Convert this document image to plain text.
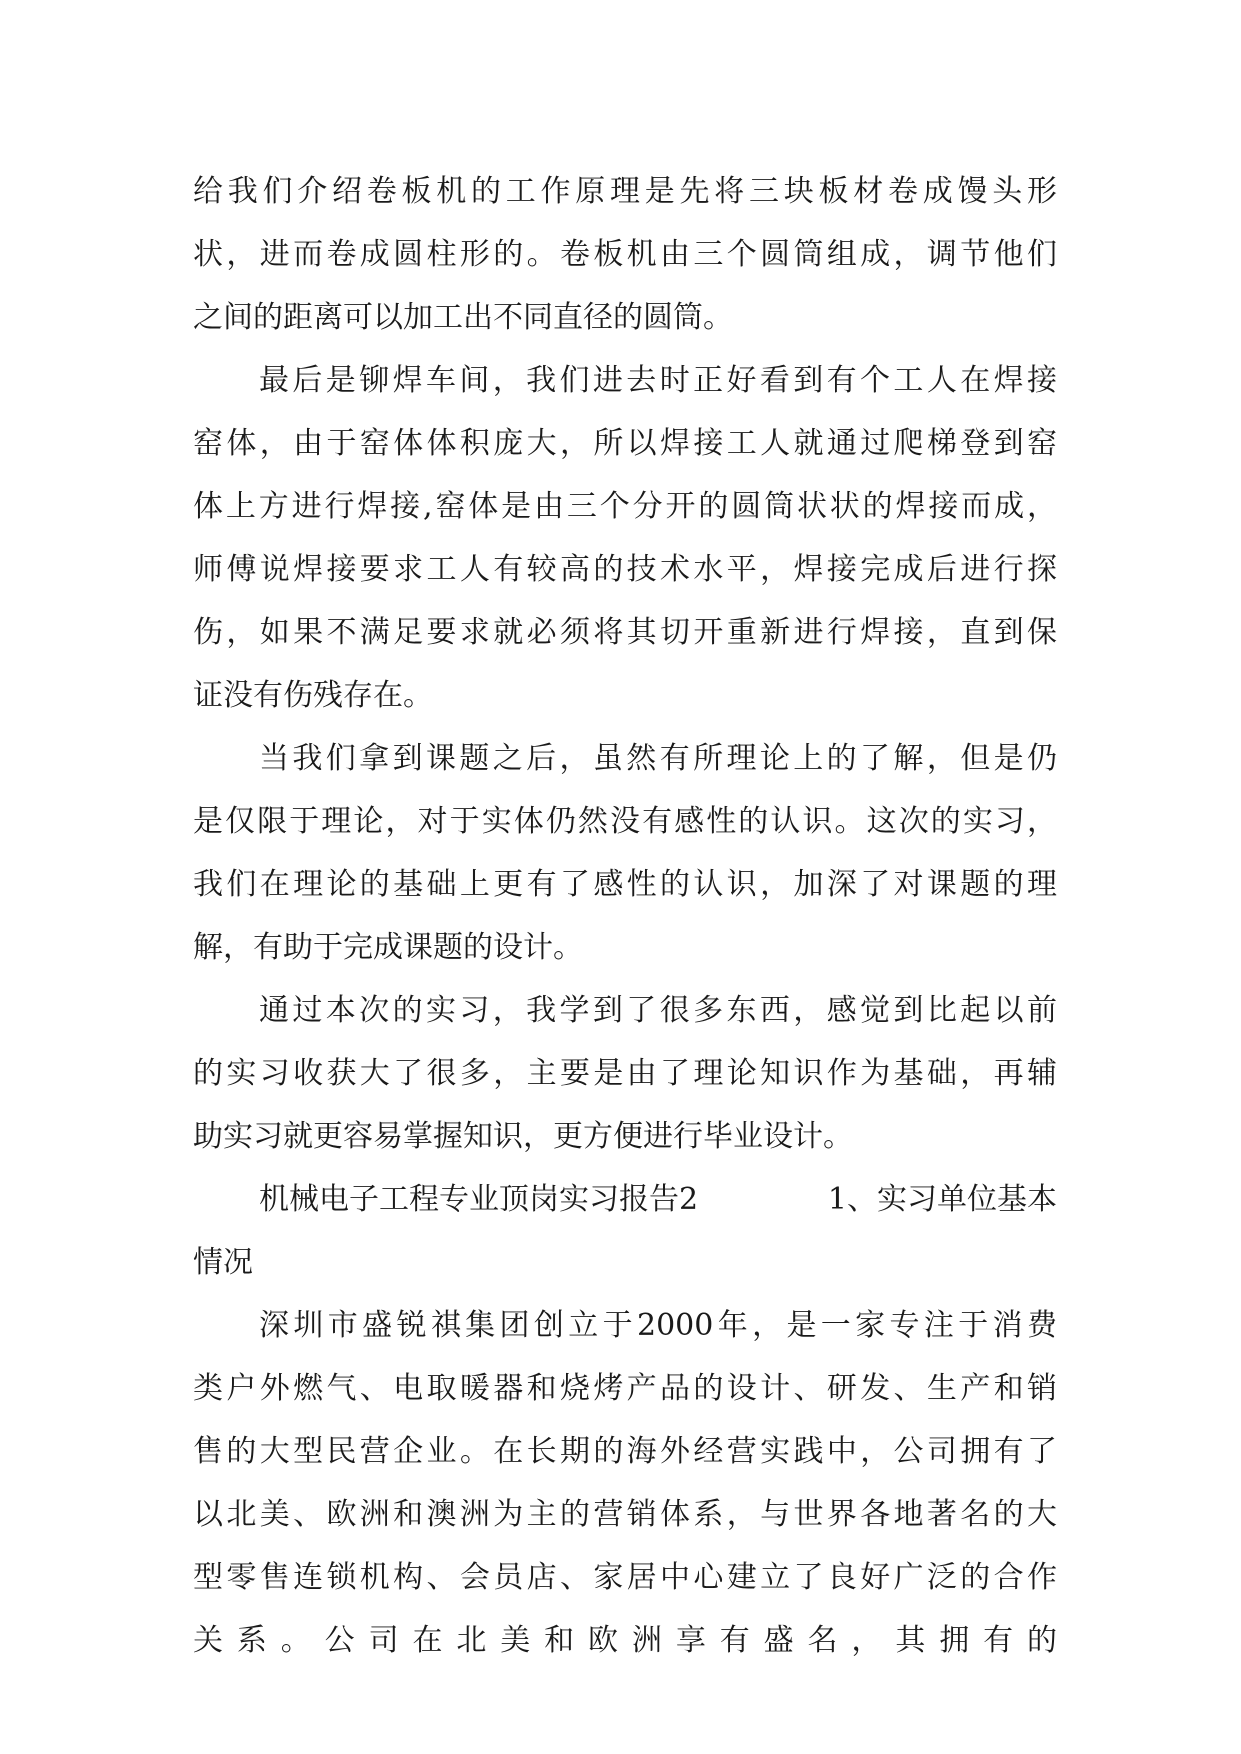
给我们介绍卷板机的工作原理是先将三块板材卷成馒头形
状，进而卷成圆柱形的。卷板机由三个圆筒组成，调节他们
之间的距离可以加工出不同直径的圆筒。
最后是铆焊车间，我们进去时正好看到有个工人在焊接
窑体，由于窑体体积庞大，所以焊接工人就通过爬梯登到窑
体上方进行焊接,窑体是由三个分开的圆筒状状的焊接而成，
师傅说焊接要求工人有较高的技术水平，焊接完成后进行探
伤，如果不满足要求就必须将其切开重新进行焊接，直到保
证没有伤残存在。
当我们拿到课题之后，虽然有所理论上的了解，但是仍
是仅限于理论，对于实体仍然没有感性的认识。这次的实习，
我们在理论的基础上更有了感性的认识，加深了对课题的理
解，有助于完成课题的设计。
通过本次的实习，我学到了很多东西，感觉到比起以前
的实习收获大了很多，主要是由了理论知识作为基础，再辅
助实习就更容易掌握知识，更方便进行毕业设计。
机械电子工程专业顶岗实习报告2	1、实习单位基本
情况
深圳市盛锐祺集团创立于2000年，是一家专注于消费
类户外燃气、电取暖器和烧烤产品的设计、研发、生产和销
售的大型民营企业。在长期的海外经营实践中，公司拥有了
以北美、欧洲和澳洲为主的营销体系，与世界各地著名的大
型零售连锁机构、会员店、家居中心建立了良好广泛的合作
关系。公司在北美和欧洲享有盛名，其拥有的
